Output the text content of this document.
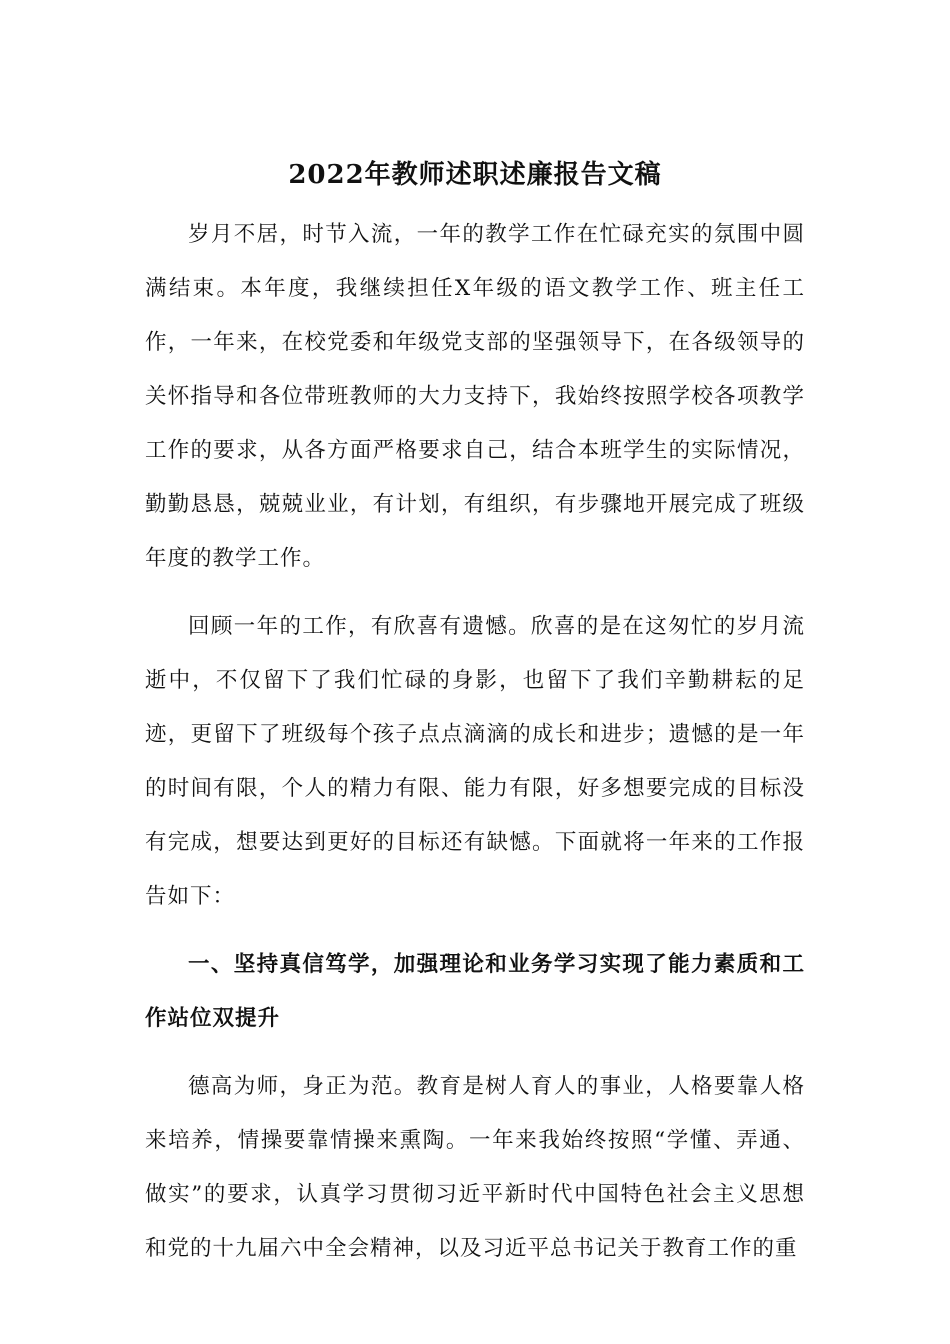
2022年教师述职述廉报告文稿

岁月不居，时节入流，一年的教学工作在忙碌充实的氛围中圆满结束。本年度，我继续担任X年级的语文教学工作、班主任工作，一年来，在校党委和年级党支部的坚强领导下，在各级领导的关怀指导和各位带班教师的大力支持下，我始终按照学校各项教学工作的要求，从各方面严格要求自己，结合本班学生的实际情况，勤勤恳恳，兢兢业业，有计划，有组织，有步骤地开展完成了班级年度的教学工作。

回顾一年的工作，有欣喜有遗憾。欣喜的是在这匆忙的岁月流逝中，不仅留下了我们忙碌的身影，也留下了我们辛勤耕耘的足迹，更留下了班级每个孩子点点滴滴的成长和进步；遗憾的是一年的时间有限，个人的精力有限、能力有限，好多想要完成的目标没有完成，想要达到更好的目标还有缺憾。下面就将一年来的工作报告如下：

一、坚持真信笃学，加强理论和业务学习实现了能力素质和工作站位双提升

德高为师，身正为范。教育是树人育人的事业，人格要靠人格来培养，情操要靠情操来熏陶。一年来我始终按照“学懂、弄通、做实”的要求，认真学习贯彻习近平新时代中国特色社会主义思想和党的十九届六中全会精神，以及习近平总书记关于教育工作的重
